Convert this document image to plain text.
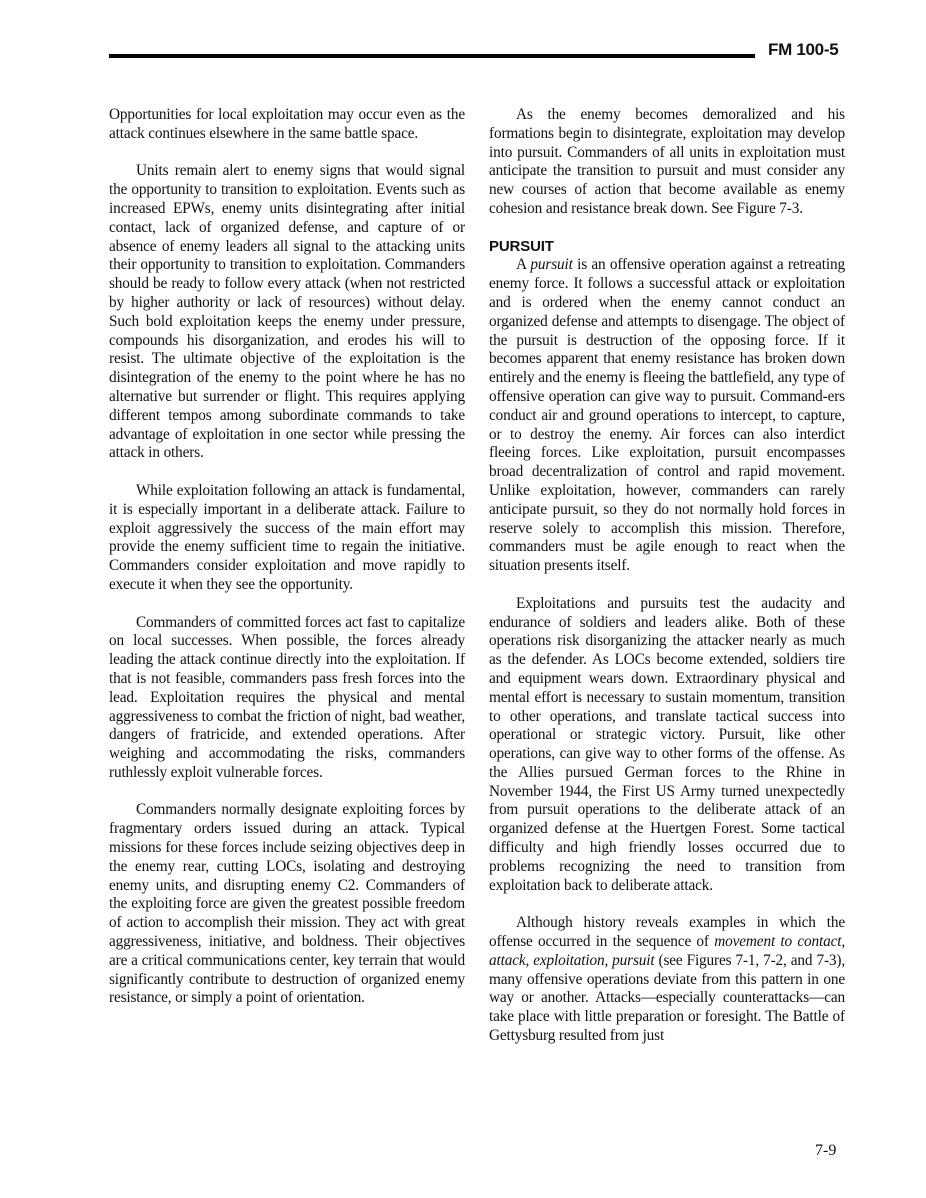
FM 100-5

Opportunities for local exploitation may occur even as the attack continues elsewhere in the same battle space.

Units remain alert to enemy signs that would signal the opportunity to transition to exploitation. Events such as increased EPWs, enemy units disintegrating after initial contact, lack of organized defense, and capture of or absence of enemy leaders all signal to the attacking units their opportunity to transition to exploitation. Commanders should be ready to follow every attack (when not restricted by higher authority or lack of resources) without delay. Such bold exploitation keeps the enemy under pressure, compounds his disorganization, and erodes his will to resist. The ultimate objective of the exploitation is the disintegration of the enemy to the point where he has no alternative but surrender or flight. This requires applying different tempos among subordinate commands to take advantage of exploitation in one sector while pressing the attack in others.

While exploitation following an attack is fundamental, it is especially important in a deliberate attack. Failure to exploit aggressively the success of the main effort may provide the enemy sufficient time to regain the initiative. Commanders consider exploitation and move rapidly to execute it when they see the opportunity.

Commanders of committed forces act fast to capitalize on local successes. When possible, the forces already leading the attack continue directly into the exploitation. If that is not feasible, commanders pass fresh forces into the lead. Exploitation requires the physical and mental aggressiveness to combat the friction of night, bad weather, dangers of fratricide, and extended operations. After weighing and accommodating the risks, commanders ruthlessly exploit vulnerable forces.

Commanders normally designate exploiting forces by fragmentary orders issued during an attack. Typical missions for these forces include seizing objectives deep in the enemy rear, cutting LOCs, isolating and destroying enemy units, and disrupting enemy C2. Commanders of the exploiting force are given the greatest possible freedom of action to accomplish their mission. They act with great aggressiveness, initiative, and boldness. Their objectives are a critical communications center, key terrain that would significantly contribute to destruction of organized enemy resistance, or simply a point of orientation.

As the enemy becomes demoralized and his formations begin to disintegrate, exploitation may develop into pursuit. Commanders of all units in exploitation must anticipate the transition to pursuit and must consider any new courses of action that become available as enemy cohesion and resistance break down. See Figure 7-3.

PURSUIT

A pursuit is an offensive operation against a retreating enemy force. It follows a successful attack or exploitation and is ordered when the enemy cannot conduct an organized defense and attempts to disengage. The object of the pursuit is destruction of the opposing force. If it becomes apparent that enemy resistance has broken down entirely and the enemy is fleeing the battlefield, any type of offensive operation can give way to pursuit. Command-ers conduct air and ground operations to intercept, to capture, or to destroy the enemy. Air forces can also interdict fleeing forces. Like exploitation, pursuit encompasses broad decentralization of control and rapid movement. Unlike exploitation, however, commanders can rarely anticipate pursuit, so they do not normally hold forces in reserve solely to accomplish this mission. Therefore, commanders must be agile enough to react when the situation presents itself.

Exploitations and pursuits test the audacity and endurance of soldiers and leaders alike. Both of these operations risk disorganizing the attacker nearly as much as the defender. As LOCs become extended, soldiers tire and equipment wears down. Extraordinary physical and mental effort is necessary to sustain momentum, transition to other operations, and translate tactical success into operational or strategic victory. Pursuit, like other operations, can give way to other forms of the offense. As the Allies pursued German forces to the Rhine in November 1944, the First US Army turned unexpectedly from pursuit operations to the deliberate attack of an organized defense at the Huertgen Forest. Some tactical difficulty and high friendly losses occurred due to problems recognizing the need to transition from exploitation back to deliberate attack.

Although history reveals examples in which the offense occurred in the sequence of movement to contact, attack, exploitation, pursuit (see Figures 7-1, 7-2, and 7-3), many offensive operations deviate from this pattern in one way or another. Attacks—especially counterattacks—can take place with little preparation or foresight. The Battle of Gettysburg resulted from just

7-9
